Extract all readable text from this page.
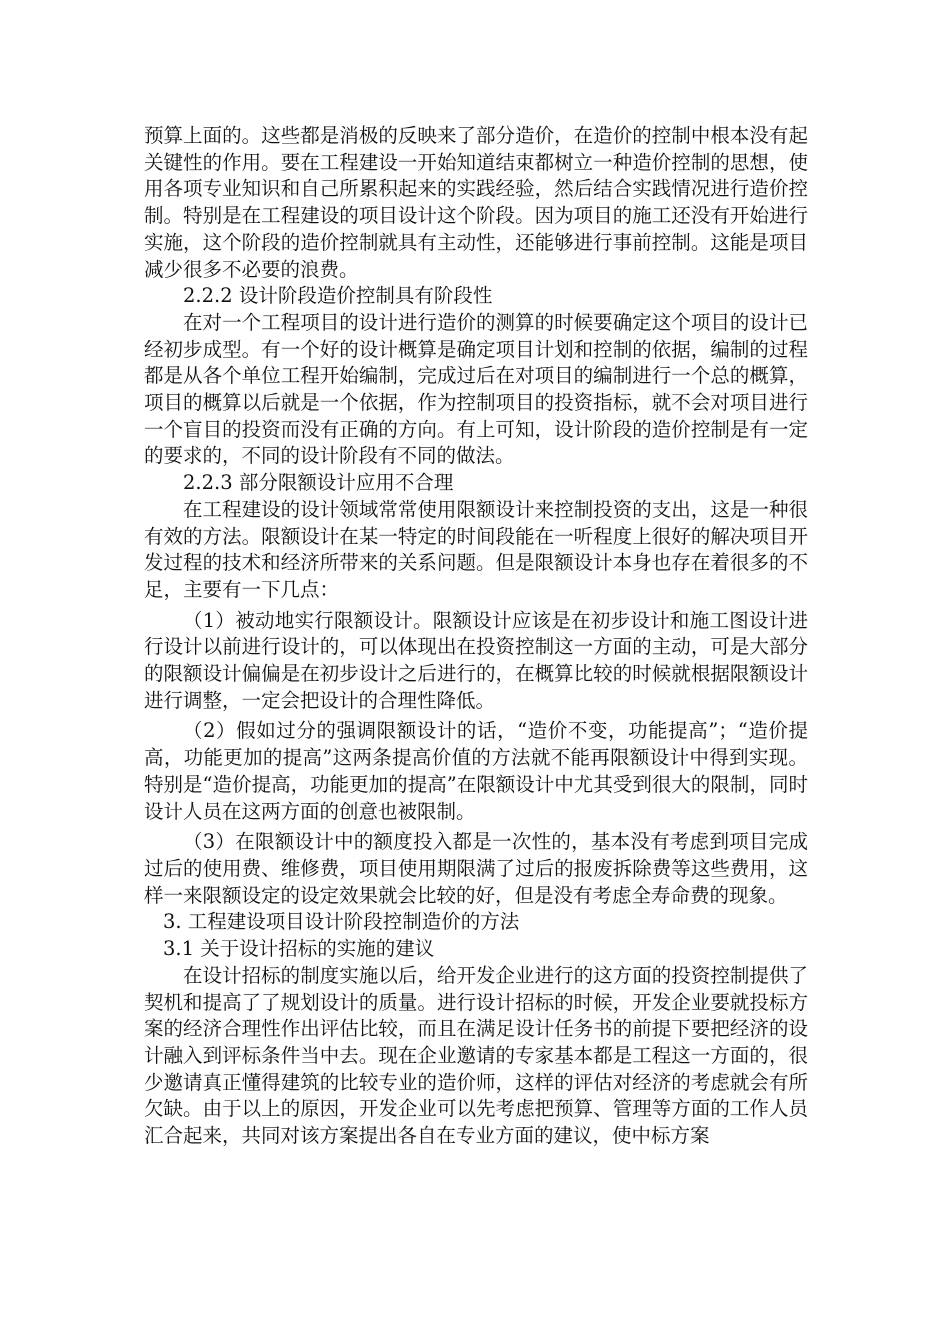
预算上面的。这些都是消极的反映来了部分造价，在造价的控制中根本没有起关键性的作用。要在工程建设一开始知道结束都树立一种造价控制的思想，使用各项专业知识和自己所累积起来的实践经验，然后结合实践情况进行造价控制。特别是在工程建设的项目设计这个阶段。因为项目的施工还没有开始进行实施，这个阶段的造价控制就具有主动性，还能够进行事前控制。这能是项目减少很多不必要的浪费。

2.2.2 设计阶段造价控制具有阶段性

在对一个工程项目的设计进行造价的测算的时候要确定这个项目的设计已经初步成型。有一个好的设计概算是确定项目计划和控制的依据，编制的过程都是从各个单位工程开始编制，完成过后在对项目的编制进行一个总的概算，项目的概算以后就是一个依据，作为控制项目的投资指标，就不会对项目进行一个盲目的投资而没有正确的方向。有上可知，设计阶段的造价控制是有一定的要求的，不同的设计阶段有不同的做法。

2.2.3 部分限额设计应用不合理

在工程建设的设计领域常常使用限额设计来控制投资的支出，这是一种很有效的方法。限额设计在某一特定的时间段能在一听程度上很好的解决项目开发过程的技术和经济所带来的关系问题。但是限额设计本身也存在着很多的不足，主要有一下几点：

（1）被动地实行限额设计。限额设计应该是在初步设计和施工图设计进行设计以前进行设计的，可以体现出在投资控制这一方面的主动，可是大部分的限额设计偏偏是在初步设计之后进行的，在概算比较的时候就根据限额设计进行调整，一定会把设计的合理性降低。

（2）假如过分的强调限额设计的话，“造价不变，功能提高”；“造价提高，功能更加的提高”这两条提高价值的方法就不能再限额设计中得到实现。特别是“造价提高，功能更加的提高”在限额设计中尤其受到很大的限制，同时设计人员在这两方面的创意也被限制。

（3）在限额设计中的额度投入都是一次性的，基本没有考虑到项目完成过后的使用费、维修费，项目使用期限满了过后的报废拆除费等这些费用，这样一来限额设定的设定效果就会比较的好，但是没有考虑全寿命费的现象。

3. 工程建设项目设计阶段控制造价的方法

3.1 关于设计招标的实施的建议

在设计招标的制度实施以后，给开发企业进行的这方面的投资控制提供了契机和提高了了规划设计的质量。进行设计招标的时候，开发企业要就投标方案的经济合理性作出评估比较，而且在满足设计任务书的前提下要把经济的设计融入到评标条件当中去。现在企业邀请的专家基本都是工程这一方面的，很少邀请真正懂得建筑的比较专业的造价师，这样的评估对经济的考虑就会有所欠缺。由于以上的原因，开发企业可以先考虑把预算、管理等方面的工作人员汇合起来，共同对该方案提出各自在专业方面的建议，使中标方案
